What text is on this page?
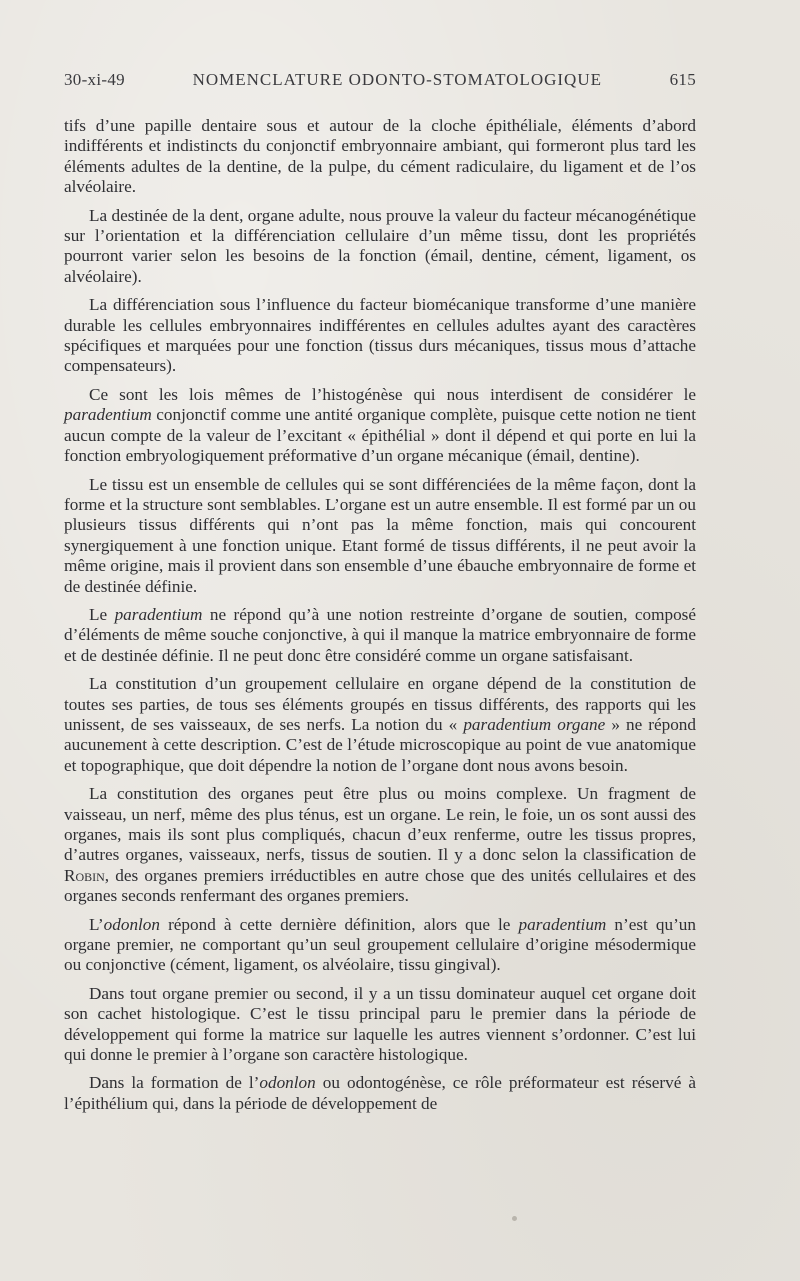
30-xi-49	NOMENCLATURE ODONTO-STOMATOLOGIQUE	615

tifs d’une papille dentaire sous et autour de la cloche épithéliale, éléments d’abord indifférents et indistincts du conjonctif embryonnaire ambiant, qui formeront plus tard les éléments adultes de la dentine, de la pulpe, du cément radiculaire, du ligament et de l’os alvéolaire.

La destinée de la dent, organe adulte, nous prouve la valeur du facteur mécanogénétique sur l’orientation et la différenciation cellulaire d’un même tissu, dont les propriétés pourront varier selon les besoins de la fonction (émail, dentine, cément, ligament, os alvéolaire).

La différenciation sous l’influence du facteur biomécanique transforme d’une manière durable les cellules embryonnaires indifférentes en cellules adultes ayant des caractères spécifiques et marquées pour une fonction (tissus durs mécaniques, tissus mous d’attache compensateurs).

Ce sont les lois mêmes de l’histogénèse qui nous interdisent de considérer le paradentium conjonctif comme une antité organique complète, puisque cette notion ne tient aucun compte de la valeur de l’excitant « épithélial » dont il dépend et qui porte en lui la fonction embryologiquement préformative d’un organe mécanique (émail, dentine).

Le tissu est un ensemble de cellules qui se sont différenciées de la même façon, dont la forme et la structure sont semblables. L’organe est un autre ensemble. Il est formé par un ou plusieurs tissus différents qui n’ont pas la même fonction, mais qui concourent synergiquement à une fonction unique. Etant formé de tissus différents, il ne peut avoir la même origine, mais il provient dans son ensemble d’une ébauche embryonnaire de forme et de destinée définie.

Le paradentium ne répond qu’à une notion restreinte d’organe de soutien, composé d’éléments de même souche conjonctive, à qui il manque la matrice embryonnaire de forme et de destinée définie. Il ne peut donc être considéré comme un organe satisfaisant.

La constitution d’un groupement cellulaire en organe dépend de la constitution de toutes ses parties, de tous ses éléments groupés en tissus différents, des rapports qui les unissent, de ses vaisseaux, de ses nerfs. La notion du « paradentium organe » ne répond aucunement à cette description. C’est de l’étude microscopique au point de vue anatomique et topographique, que doit dépendre la notion de l’organe dont nous avons besoin.

La constitution des organes peut être plus ou moins complexe. Un fragment de vaisseau, un nerf, même des plus ténus, est un organe. Le rein, le foie, un os sont aussi des organes, mais ils sont plus compliqués, chacun d’eux renferme, outre les tissus propres, d’autres organes, vaisseaux, nerfs, tissus de soutien. Il y a donc selon la classification de Robin, des organes premiers irréductibles en autre chose que des unités cellulaires et des organes seconds renfermant des organes premiers.

L’odonlon répond à cette dernière définition, alors que le paradentium n’est qu’un organe premier, ne comportant qu’un seul groupement cellulaire d’origine mésodermique ou conjonctive (cément, ligament, os alvéolaire, tissu gingival).

Dans tout organe premier ou second, il y a un tissu dominateur auquel cet organe doit son cachet histologique. C’est le tissu principal paru le premier dans la période de développement qui forme la matrice sur laquelle les autres viennent s’ordonner. C’est lui qui donne le premier à l’organe son caractère histologique.

Dans la formation de l’odonlon ou odontogénèse, ce rôle préformateur est réservé à l’épithélium qui, dans la période de développement de
